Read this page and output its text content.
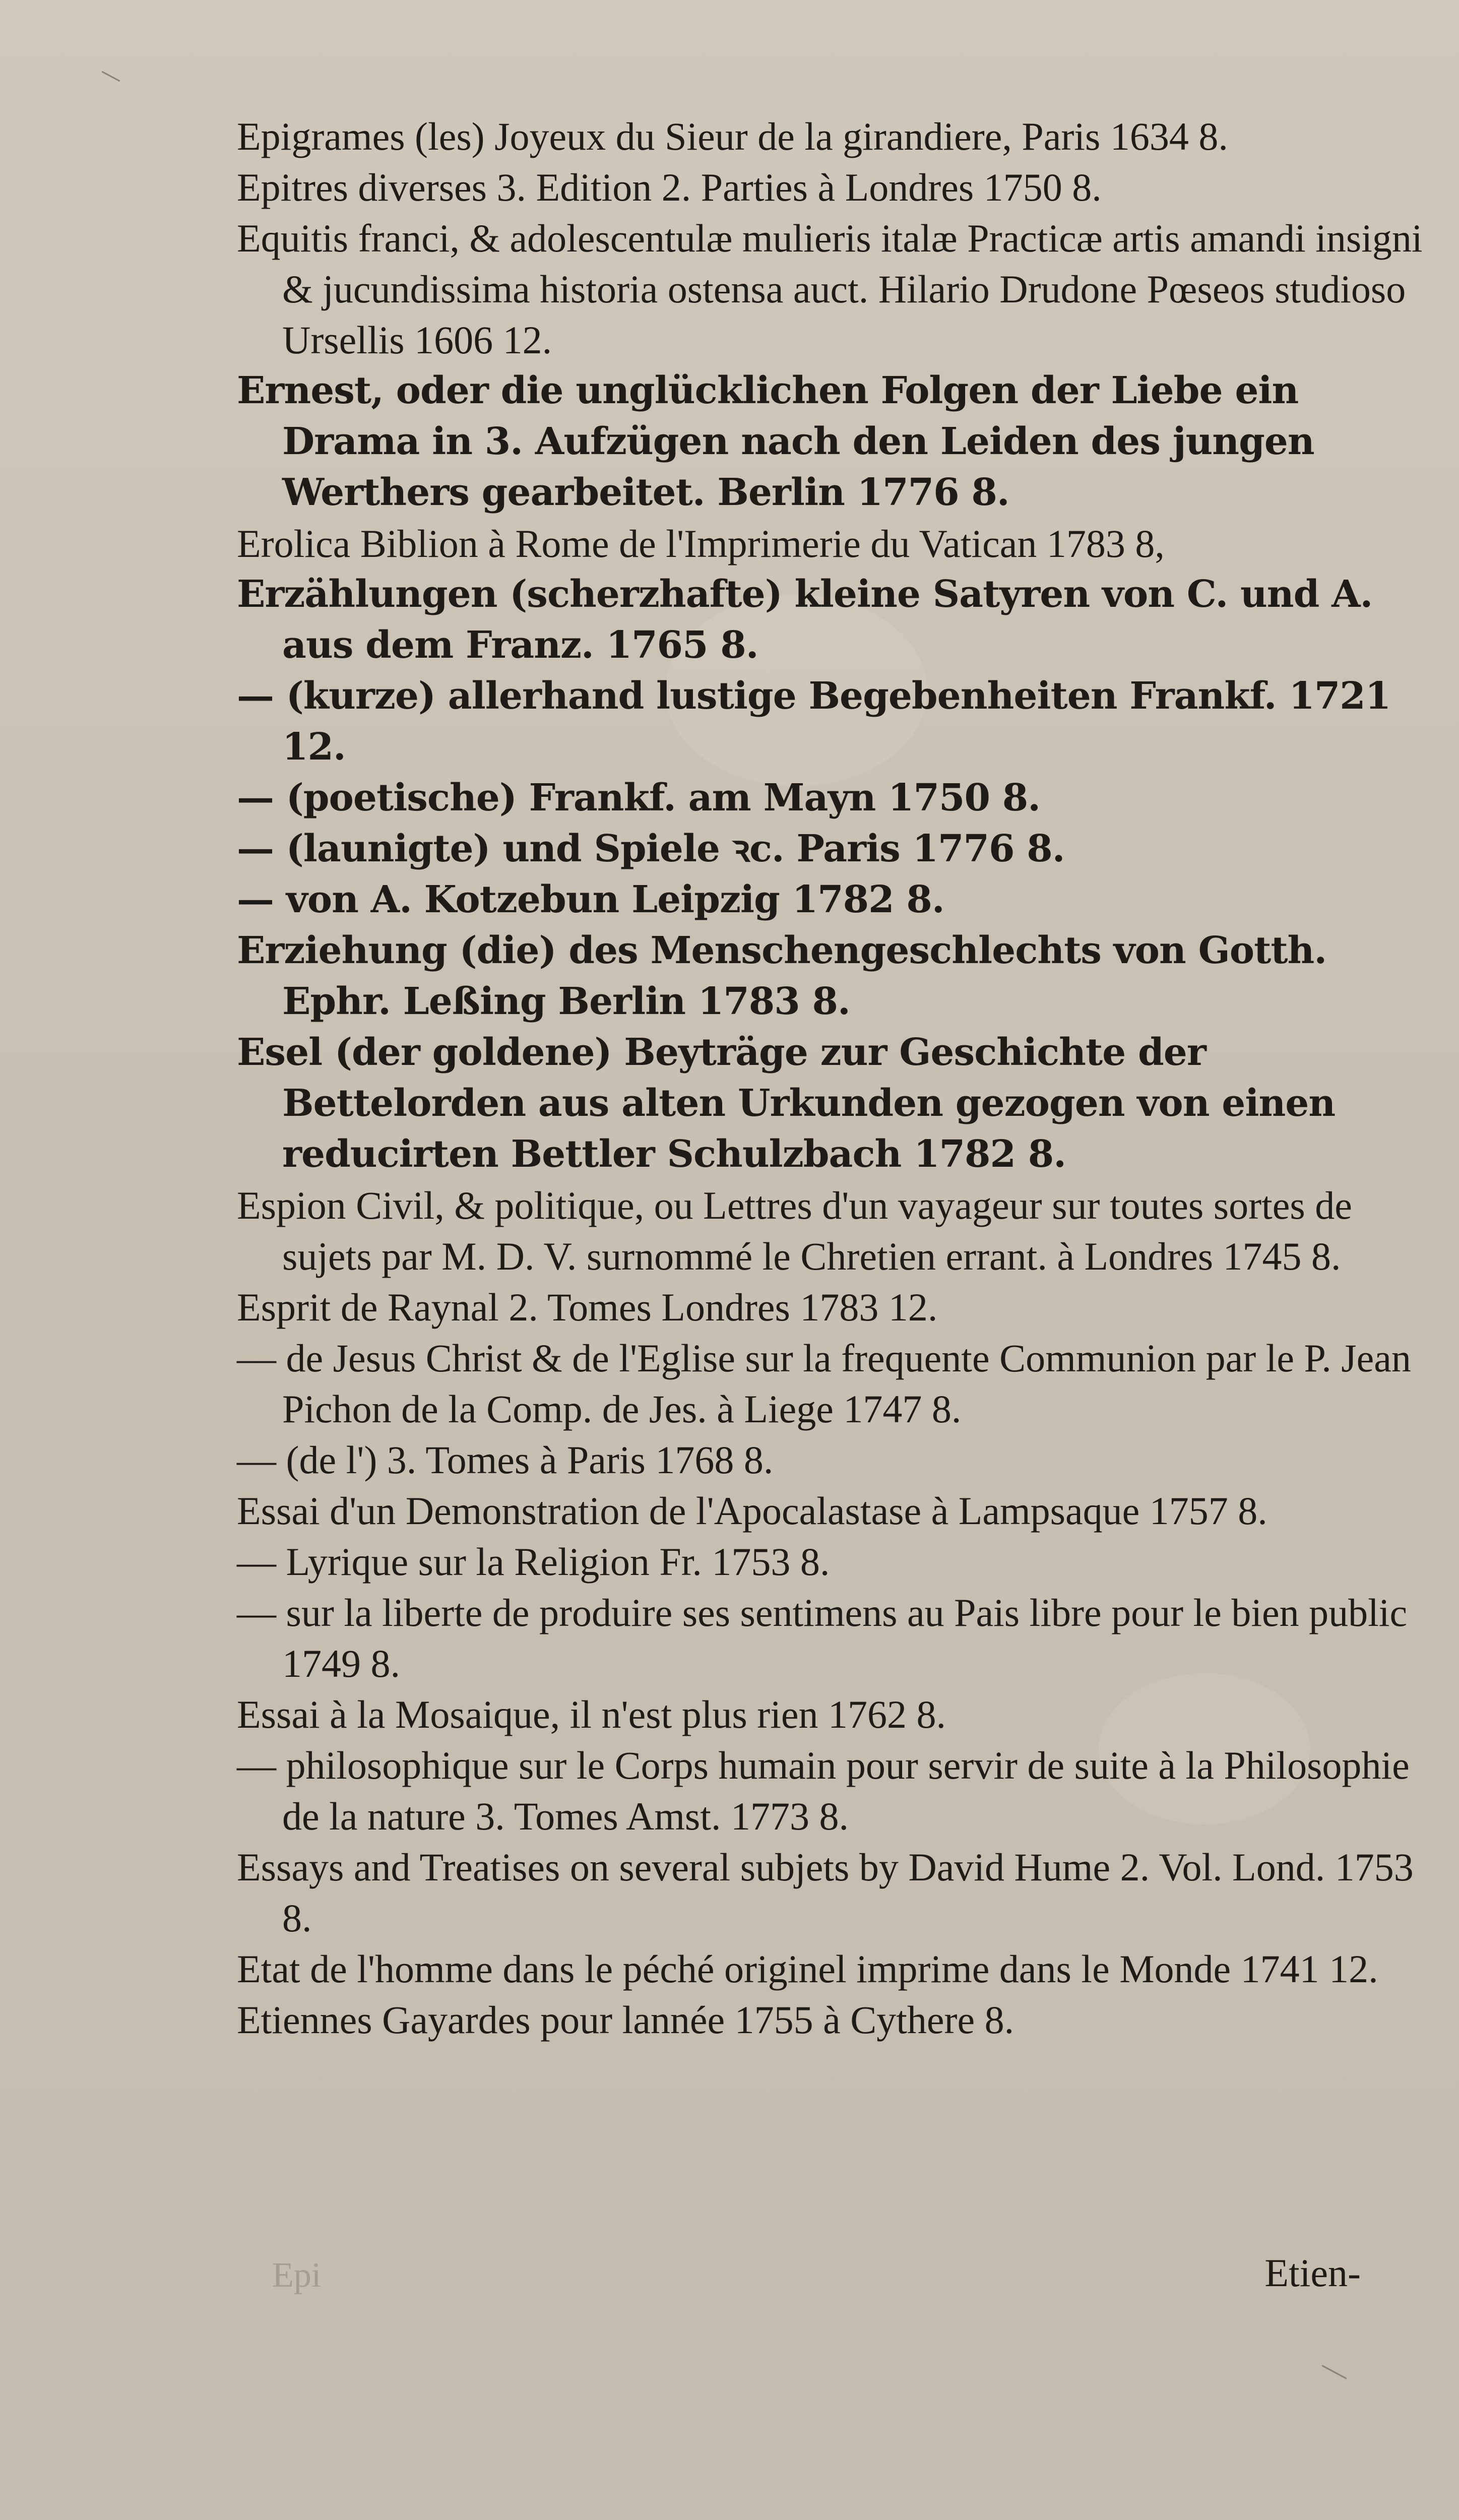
Epigrames (les) Joyeux du Sieur de la girandiere, Paris 1634 8.

Epitres diverses 3. Edition 2. Parties à Londres 1750 8.

Equitis franci, & adolescentulæ mulieris italæ Practicæ artis amandi insigni & jucundissima historia ostensa auct. Hilario Drudone Pœseos studioso Ursellis 1606 12.

Ernest, oder die unglücklichen Folgen der Liebe ein Drama in 3. Aufzügen nach den Leiden des jungen Werthers gearbeitet. Berlin 1776 8.

Erolica Biblion à Rome de l'Imprimerie du Vatican 1783 8,

Erzählungen (scherzhafte) kleine Satyren von C. und A. aus dem Franz. 1765 8.

— (kurze) allerhand lustige Begebenheiten Frankf. 1721 12.

— (poetische) Frankf. am Mayn 1750 8.

— (launigte) und Spiele ꝛc. Paris 1776 8.

— von A. Kotzebun Leipzig 1782 8.

Erziehung (die) des Menschengeschlechts von Gotth. Ephr. Leßing Berlin 1783 8.

Esel (der goldene) Beyträge zur Geschichte der Bettelorden aus alten Urkunden gezogen von einen reducirten Bettler Schulzbach 1782 8.

Espion Civil, & politique, ou Lettres d'un vayageur sur toutes sortes de sujets par M. D. V. surnommé le Chretien errant. à Londres 1745 8.

Esprit de Raynal 2. Tomes Londres 1783 12.

— de Jesus Christ & de l'Eglise sur la frequente Communion par le P. Jean Pichon de la Comp. de Jes. à Liege 1747 8.

— (de l') 3. Tomes à Paris 1768 8.

Essai d'un Demonstration de l'Apocalastase à Lampsaque 1757 8.

— Lyrique sur la Religion Fr. 1753 8.

— sur la liberte de produire ses sentimens au Pais libre pour le bien public 1749 8.

Essai à la Mosaique, il n'est plus rien 1762 8.

— philosophique sur le Corps humain pour servir de suite à la Philosophie de la nature 3. Tomes Amst. 1773 8.

Essays and Treatises on several subjets by David Hume 2. Vol. Lond. 1753 8.

Etat de l'homme dans le péché originel imprime dans le Monde 1741 12.

Etiennes Gayardes pour lannée 1755 à Cythere 8.

Epi	Etien-
